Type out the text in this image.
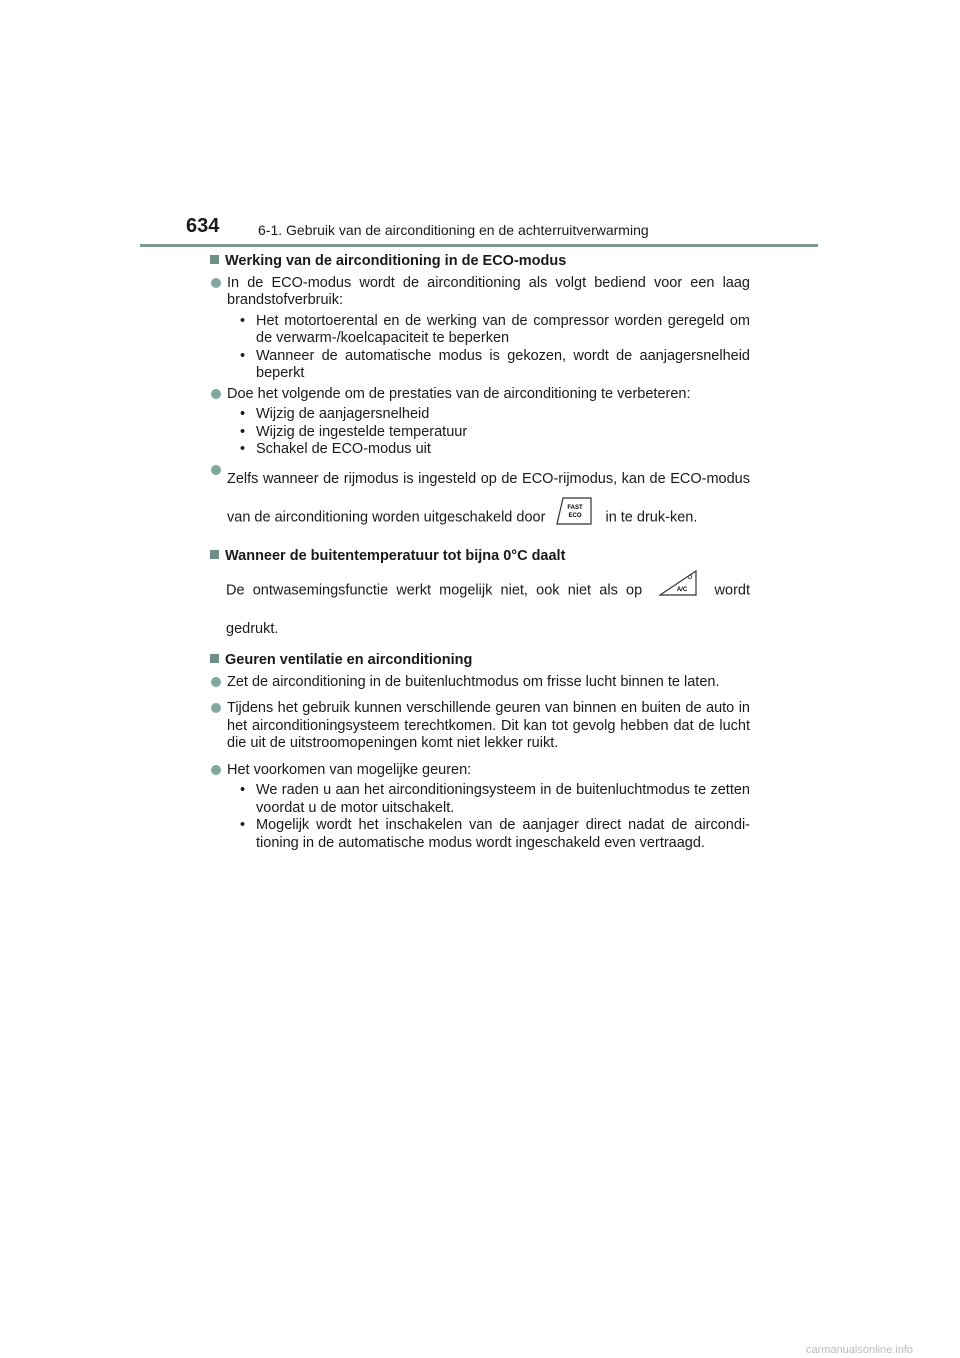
634	6-1. Gebruik van de airconditioning en de achterruitverwarming
Werking van de airconditioning in de ECO-modus
In de ECO-modus wordt de airconditioning als volgt bediend voor een laag brandstofverbruik:
• Het motortoerental en de werking van de compressor worden geregeld om de verwarm-/koelcapaciteit te beperken
• Wanneer de automatische modus is gekozen, wordt de aanjagersnelheid beperkt
Doe het volgende om de prestaties van de airconditioning te verbeteren:
• Wijzig de aanjagersnelheid
• Wijzig de ingestelde temperatuur
• Schakel de ECO-modus uit
Zelfs wanneer de rijmodus is ingesteld op de ECO-rijmodus, kan de ECO-modus van de airconditioning worden uitgeschakeld door
FAST
ECO in te druk-ken.
Wanneer de buitentemperatuur tot bijna 0°C daalt
De ontwasemingsfunctie werkt mogelijk niet, ook niet als op	A/C wordt gedrukt.
Geuren ventilatie en airconditioning
Zet de airconditioning in de buitenluchtmodus om frisse lucht binnen te laten.
Tijdens het gebruik kunnen verschillende geuren van binnen en buiten de auto in het airconditioningsysteem terechtkomen. Dit kan tot gevolg hebben dat de lucht die uit de uitstroomopeningen komt niet lekker ruikt.
Het voorkomen van mogelijke geuren:
• We raden u aan het airconditioningsysteem in de buitenluchtmodus te zetten voordat u de motor uitschakelt.
• Mogelijk wordt het inschakelen van de aanjager direct nadat de aircondi-tioning in de automatische modus wordt ingeschakeld even vertraagd.
carmanualsonline.info
